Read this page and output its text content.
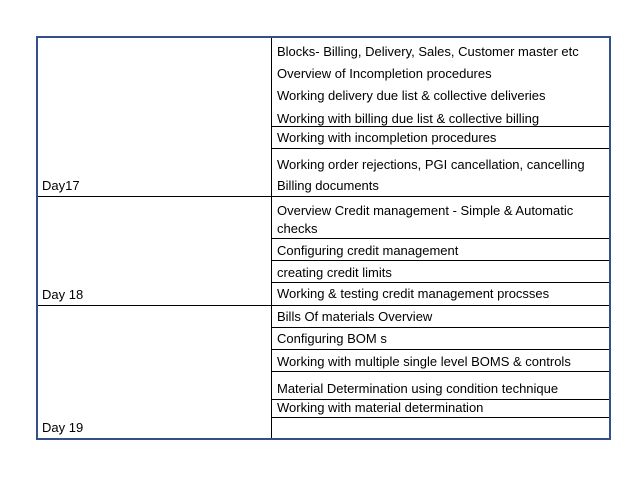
Day17
Blocks- Billing, Delivery, Sales, Customer master etc
Overview of Incompletion procedures
Working delivery due list & collective deliveries
Working with billing due list & collective billing
Working with incompletion procedures
Working order rejections, PGI cancellation, cancelling
Billing documents
Day 18
Overview Credit management - Simple & Automatic
checks
Configuring credit management
creating credit limits
Working & testing credit management procsses
Day 19
Bills Of materials Overview
Configuring BOM s
Working with multiple single level BOMS & controls
Material Determination using condition technique
Working with material determination
